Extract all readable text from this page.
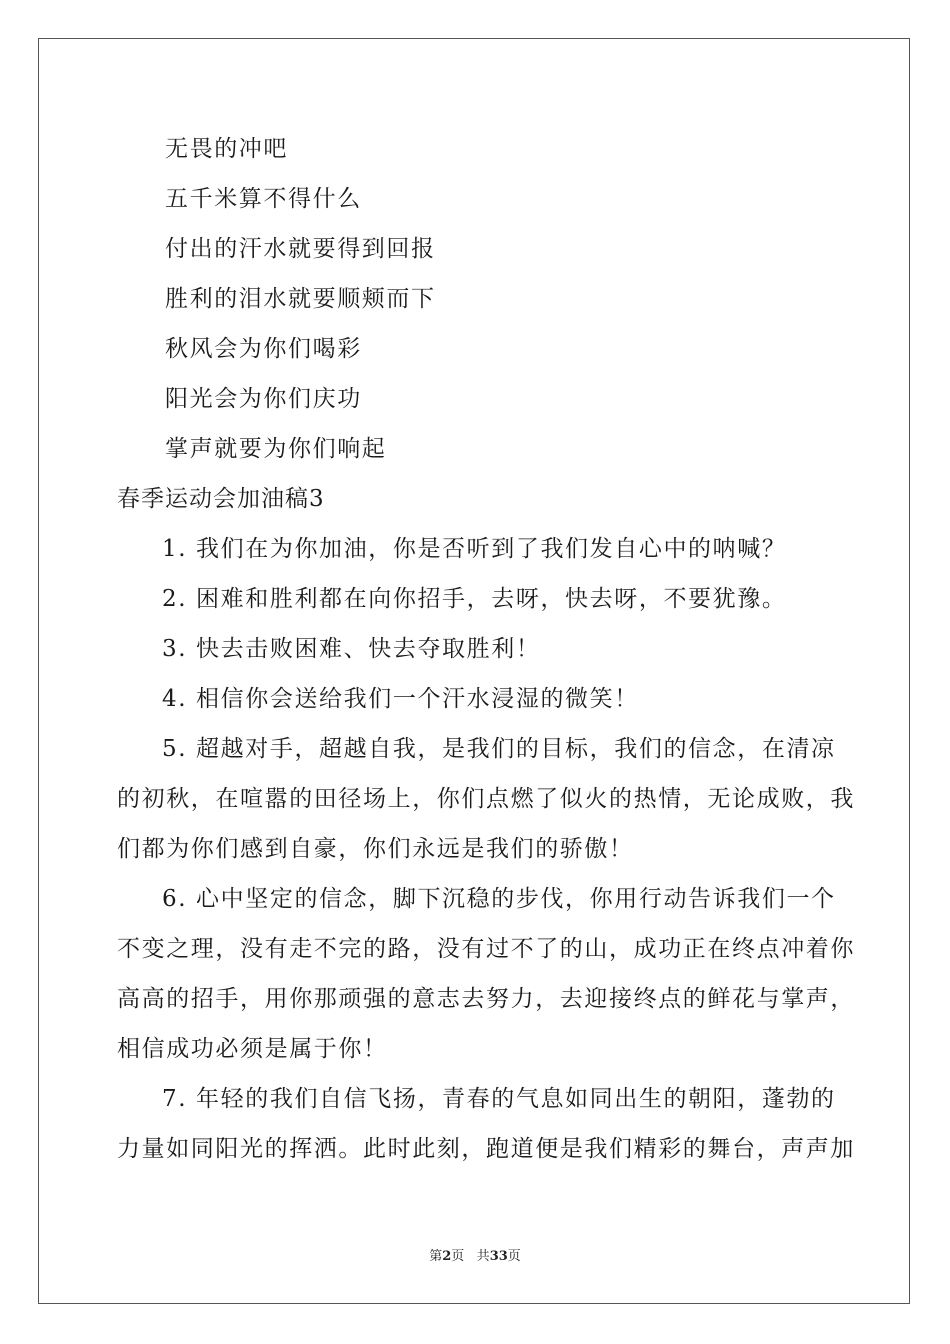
无畏的冲吧
五千米算不得什么
付出的汗水就要得到回报
胜利的泪水就要顺颊而下
秋风会为你们喝彩
阳光会为你们庆功
掌声就要为你们响起
春季运动会加油稿3
1. 我们在为你加油，你是否听到了我们发自心中的呐喊？
2. 困难和胜利都在向你招手，去呀，快去呀，不要犹豫。
3. 快去击败困难、快去夺取胜利！
4. 相信你会送给我们一个汗水浸湿的微笑！
5. 超越对手，超越自我，是我们的目标，我们的信念，在清凉
的初秋，在喧嚣的田径场上，你们点燃了似火的热情，无论成败，我
们都为你们感到自豪，你们永远是我们的骄傲！
6. 心中坚定的信念，脚下沉稳的步伐，你用行动告诉我们一个
不变之理，没有走不完的路，没有过不了的山，成功正在终点冲着你
高高的招手，用你那顽强的意志去努力，去迎接终点的鲜花与掌声，
相信成功必须是属于你！
7. 年轻的我们自信飞扬，青春的气息如同出生的朝阳，蓬勃的
力量如同阳光的挥洒。此时此刻，跑道便是我们精彩的舞台，声声加
第2页 共33页
